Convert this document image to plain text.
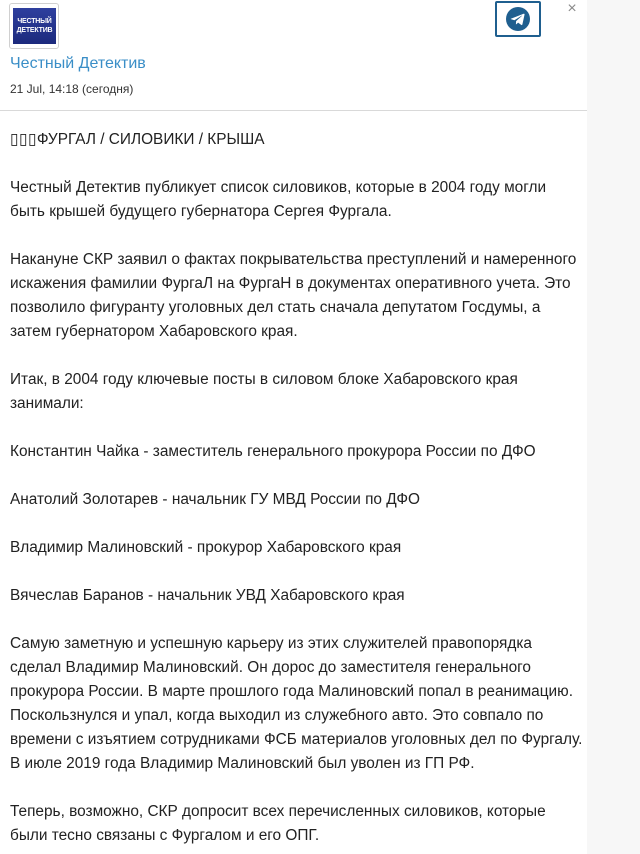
ЧЕСТНЫЙ
ДЕТЕКТИВ
Честный Детектив
21 Jul, 14:18 (сегодня)
×

▯▯▯ФУРГАЛ / СИЛОВИКИ / КРЫША

Честный Детектив публикует список силовиков, которые в 2004 году могли быть крышей будущего губернатора Сергея Фургала.

Накануне СКР заявил о фактах покрывательства преступлений и намеренного искажения фамилии ФургаЛ на ФургаН в документах оперативного учета. Это позволило фигуранту уголовных дел стать сначала депутатом Госдумы, а затем губернатором Хабаровского края.

Итак, в 2004 году ключевые посты в силовом блоке Хабаровского края занимали:

Константин Чайка - заместитель генерального прокурора России по ДФО

Анатолий Золотарев - начальник ГУ МВД России по ДФО

Владимир Малиновский - прокурор Хабаровского края

Вячеслав Баранов - начальник УВД Хабаровского края

Самую заметную и успешную карьеру из этих служителей правопорядка сделал Владимир Малиновский. Он дорос до заместителя генерального прокурора России. В марте прошлого года Малиновский попал в реанимацию. Поскользнулся и упал, когда выходил из служебного авто. Это совпало по времени с изъятием сотрудниками ФСБ материалов уголовных дел по Фургалу. В июле 2019 года Владимир Малиновский был уволен из ГП РФ.

Теперь, возможно, СКР допросит всех перечисленных силовиков, которые были тесно связаны с Фургалом и его ОПГ.
